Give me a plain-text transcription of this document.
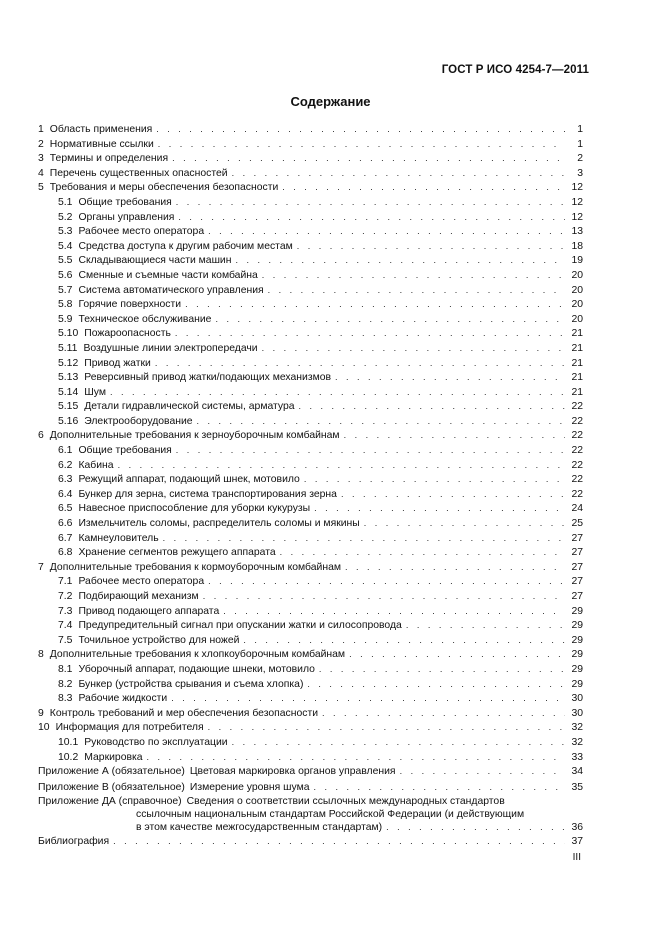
ГОСТ Р ИСО 4254-7—2011
Содержание
1 Область применения . . .	1
2 Нормативные ссылки . . .	1
3 Термины и определения . . .	2
4 Перечень существенных опасностей . . .	3
5 Требования и меры обеспечения безопасности . . .	12
5.1 Общие требования . . .	12
5.2 Органы управления . . .	12
5.3 Рабочее место оператора . . .	13
5.4 Средства доступа к другим рабочим местам . . .	18
5.5 Складывающиеся части машин . . .	19
5.6 Сменные и съемные части комбайна . . .	20
5.7 Система автоматического управления . . .	20
5.8 Горячие поверхности . . .	20
5.9 Техническое обслуживание . . .	20
5.10 Пожароопасность . . .	21
5.11 Воздушные линии электропередачи . . .	21
5.12 Привод жатки . . .	21
5.13 Реверсивный привод жатки/подающих механизмов . . .	21
5.14 Шум . . .	21
5.15 Детали гидравлической системы, арматура . . .	22
5.16 Электрооборудование . . .	22
6 Дополнительные требования к зерноуборочным комбайнам . . .	22
6.1 Общие требования . . .	22
6.2 Кабина . . .	22
6.3 Режущий аппарат, подающий шнек, мотовило . . .	22
6.4 Бункер для зерна, система транспортирования зерна . . .	22
6.5 Навесное приспособление для уборки кукурузы . . .	24
6.6 Измельчитель соломы, распределитель соломы и мякины . . .	25
6.7 Камнеуловитель . . .	27
6.8 Хранение сегментов режущего аппарата . . .	27
7 Дополнительные требования к кормоуборочным комбайнам . . .	27
7.1 Рабочее место оператора . . .	27
7.2 Подбирающий механизм . . .	27
7.3 Привод подающего аппарата . . .	29
7.4 Предупредительный сигнал при опускании жатки и силосопровода . . .	29
7.5 Точильное устройство для ножей . . .	29
8 Дополнительные требования к хлопкоуборочным комбайнам . . .	29
8.1 Уборочный аппарат, подающие шнеки, мотовило . . .	29
8.2 Бункер (устройства срывания и съема хлопка) . . .	29
8.3 Рабочие жидкости . . .	30
9 Контроль требований и мер обеспечения безопасности . . .	30
10 Информация для потребителя . . .	32
10.1 Руководство по эксплуатации . . .	32
10.2 Маркировка . . .	33
Приложение А (обязательное) Цветовая маркировка органов управления . . .	34
Приложение В (обязательное) Измерение уровня шума . . .	35
Приложение ДА (справочное) Сведения о соответствии ссылочных международных стандартов
ссылочным национальным стандартам Российской Федерации (и действующим
в этом качестве межгосударственным стандартам) . . .	36
Библиография . . .	37
III
